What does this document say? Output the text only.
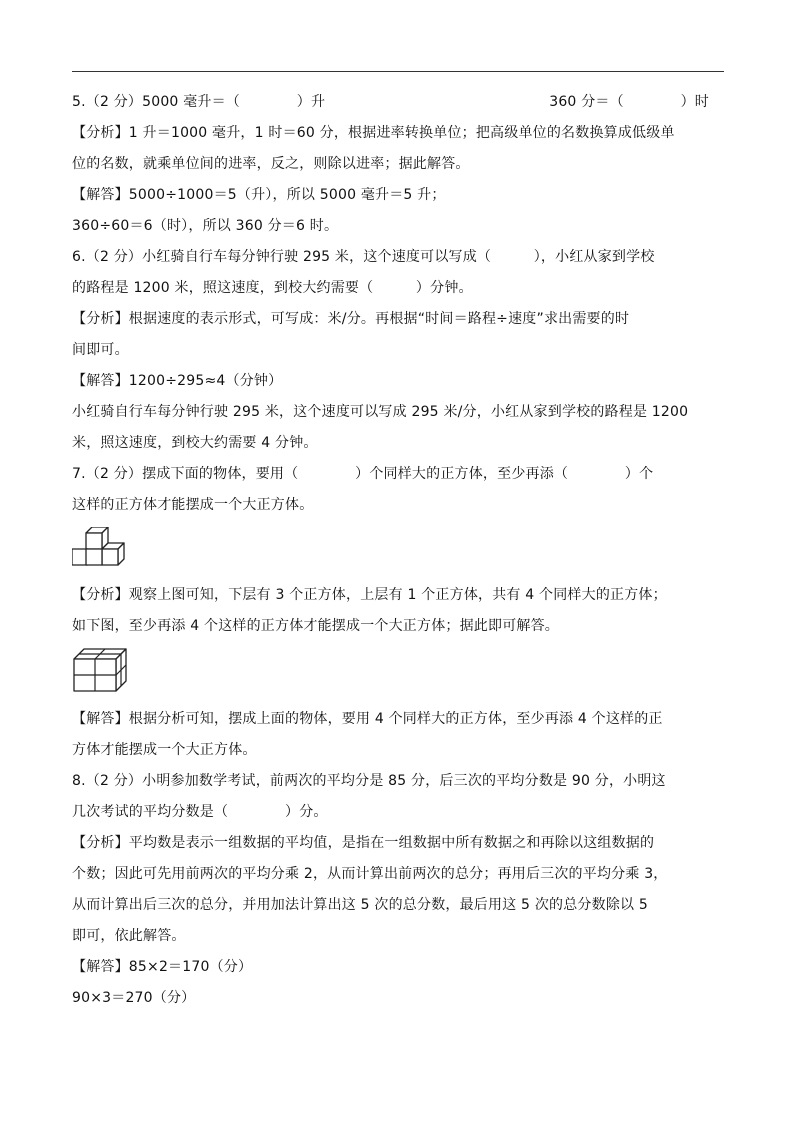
5.（2 分）5000 毫升＝（　　　　）升	360 分＝（　　　　）时
【分析】1 升＝1000 毫升，1 时＝60 分，根据进率转换单位；把高级单位的名数换算成低级单
位的名数，就乘单位间的进率，反之，则除以进率；据此解答。
【解答】5000÷1000＝5（升），所以 5000 毫升＝5 升；
360÷60＝6（时），所以 360 分＝6 时。
6.（2 分）小红骑自行车每分钟行驶 295 米，这个速度可以写成（　　　），小红从家到学校
的路程是 1200 米，照这速度，到校大约需要（　　　）分钟。
【分析】根据速度的表示形式，可写成：米/分。再根据“时间＝路程÷速度”求出需要的时
间即可。
【解答】1200÷295≈4（分钟）
小红骑自行车每分钟行驶 295 米，这个速度可以写成 295 米/分，小红从家到学校的路程是 1200
米，照这速度，到校大约需要 4 分钟。
7.（2 分）摆成下面的物体，要用（　　　　）个同样大的正方体，至少再添（　　　　）个
这样的正方体才能摆成一个大正方体。
【分析】观察上图可知，下层有 3 个正方体，上层有 1 个正方体，共有 4 个同样大的正方体；
如下图，至少再添 4 个这样的正方体才能摆成一个大正方体；据此即可解答。
【解答】根据分析可知，摆成上面的物体，要用 4 个同样大的正方体，至少再添 4 个这样的正
方体才能摆成一个大正方体。
8.（2 分）小明参加数学考试，前两次的平均分是 85 分，后三次的平均分数是 90 分，小明这
几次考试的平均分数是（　　　　）分。
【分析】平均数是表示一组数据的平均值，是指在一组数据中所有数据之和再除以这组数据的
个数；因此可先用前两次的平均分乘 2，从而计算出前两次的总分；再用后三次的平均分乘 3，
从而计算出后三次的总分，并用加法计算出这 5 次的总分数，最后用这 5 次的总分数除以 5
即可，依此解答。
【解答】85×2＝170（分）
90×3＝270（分）
